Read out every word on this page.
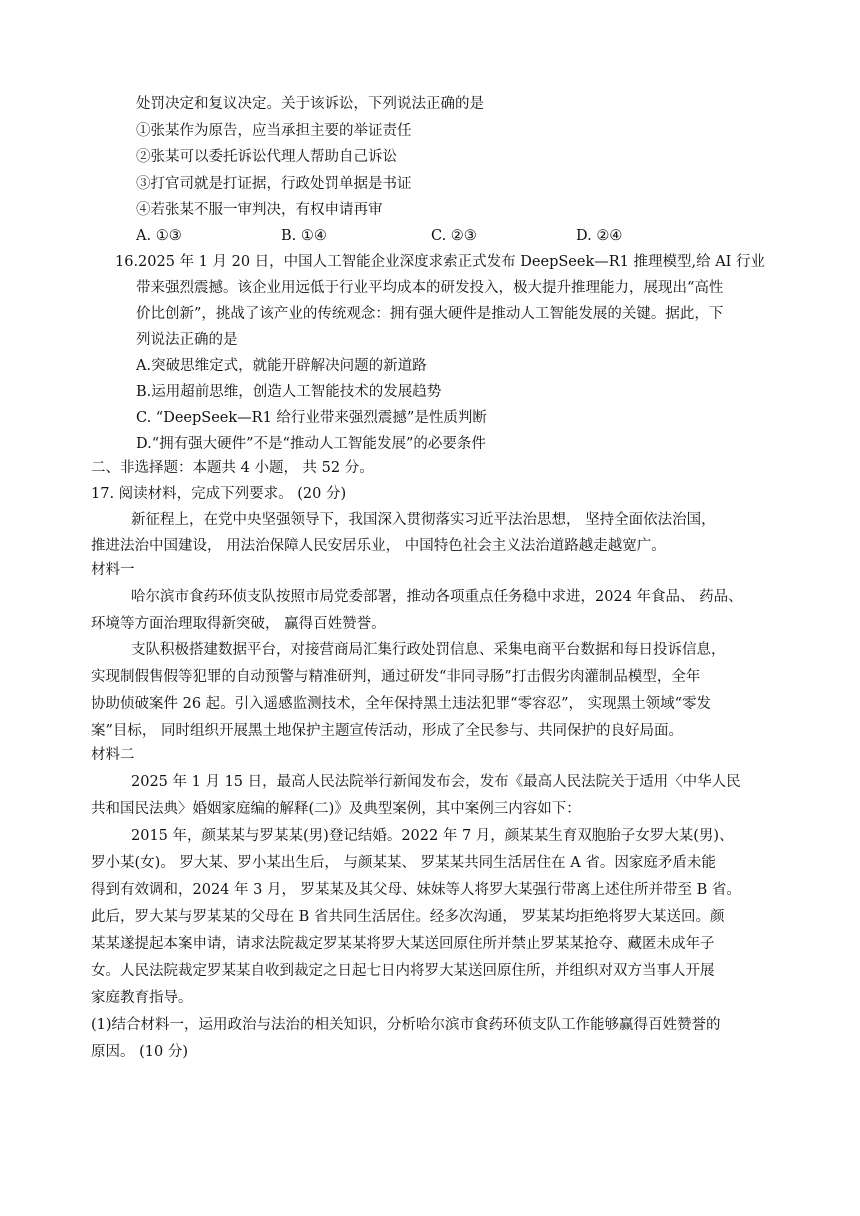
处罚决定和复议决定。关于该诉讼，下列说法正确的是
①张某作为原告，应当承担主要的举证责任
②张某可以委托诉讼代理人帮助自己诉讼
③打官司就是打证据，行政处罚单据是书证
④若张某不服一审判决，有权申请再审
A. ①③	B. ①④	C. ②③	D. ②④
16.2025 年 1 月 20 日，中国人工智能企业深度求索正式发布 DeepSeek—R1 推理模型,给 AI 行业
带来强烈震撼。该企业用远低于行业平均成本的研发投入，极大提升推理能力，展现出“高性
价比创新”，挑战了该产业的传统观念：拥有强大硬件是推动人工智能发展的关键。据此，下
列说法正确的是
A.突破思维定式，就能开辟解决问题的新道路
B.运用超前思维，创造人工智能技术的发展趋势
C. “DeepSeek—R1 给行业带来强烈震撼”是性质判断
D.“拥有强大硬件”不是“推动人工智能发展”的必要条件
二、非选择题：本题共 4 小题， 共 52 分。
17. 阅读材料，完成下列要求。 (20 分)
新征程上，在党中央坚强领导下，我国深入贯彻落实习近平法治思想， 坚持全面依法治国，
推进法治中国建设， 用法治保障人民安居乐业， 中国特色社会主义法治道路越走越宽广。
材料一
哈尔滨市食药环侦支队按照市局党委部署，推动各项重点任务稳中求进，2024 年食品、 药品、
环境等方面治理取得新突破， 赢得百姓赞誉。
支队积极搭建数据平台，对接营商局汇集行政处罚信息、采集电商平台数据和每日投诉信息，
实现制假售假等犯罪的自动预警与精准研判，通过研发“非同寻肠”打击假劣肉灌制品模型，全年
协助侦破案件 26 起。引入遥感监测技术，全年保持黑土违法犯罪“零容忍”， 实现黑土领域“零发
案”目标， 同时组织开展黑土地保护主题宣传活动，形成了全民参与、共同保护的良好局面。
材料二
2025 年 1 月 15 日，最高人民法院举行新闻发布会，发布《最高人民法院关于适用〈中华人民
共和国民法典〉婚姻家庭编的解释(二)》及典型案例，其中案例三内容如下：
2015 年，颜某某与罗某某(男)登记结婚。2022 年 7 月，颜某某生育双胞胎子女罗大某(男)、
罗小某(女)。 罗大某、罗小某出生后， 与颜某某、 罗某某共同生活居住在 A 省。因家庭矛盾未能
得到有效调和，2024 年 3 月， 罗某某及其父母、妹妹等人将罗大某强行带离上述住所并带至 B 省。
此后，罗大某与罗某某的父母在 B 省共同生活居住。经多次沟通， 罗某某均拒绝将罗大某送回。颜
某某遂提起本案申请，请求法院裁定罗某某将罗大某送回原住所并禁止罗某某抢夺、藏匿未成年子
女。人民法院裁定罗某某自收到裁定之日起七日内将罗大某送回原住所，并组织对双方当事人开展
家庭教育指导。
(1)结合材料一，运用政治与法治的相关知识，分析哈尔滨市食药环侦支队工作能够赢得百姓赞誉的
原因。 (10 分)
